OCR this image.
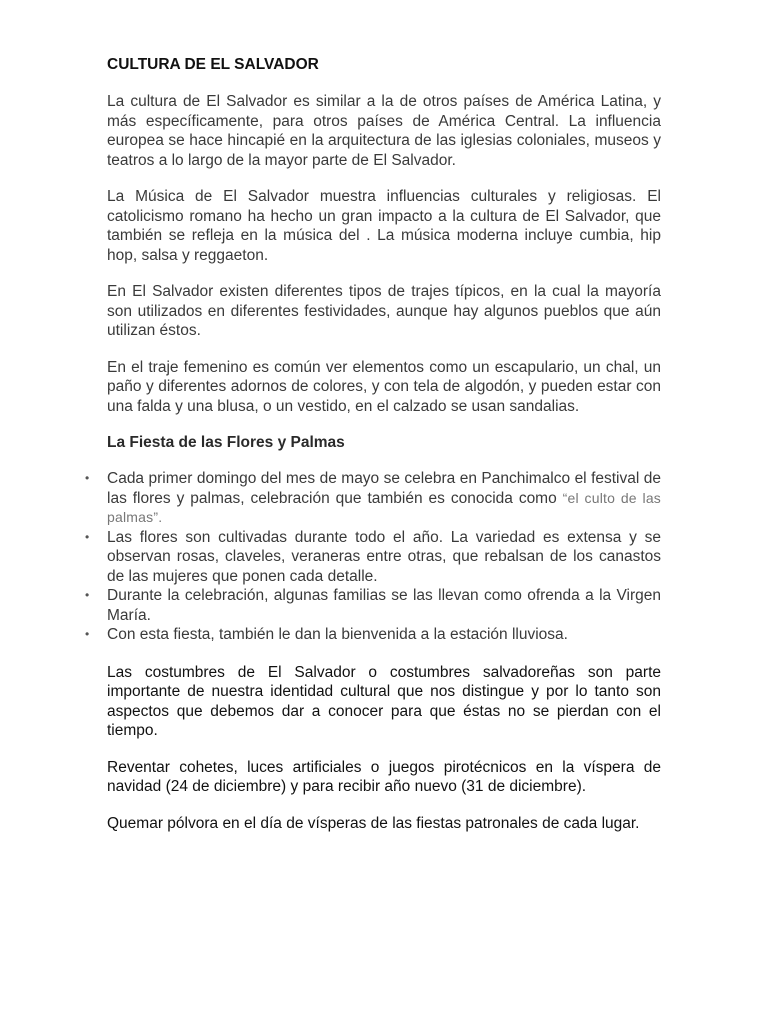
CULTURA DE EL SALVADOR

La cultura de El Salvador es similar a la de otros países de América Latina, y más específicamente, para otros países de América Central. La influencia europea se hace hincapié en la arquitectura de las iglesias coloniales, museos y teatros a lo largo de la mayor parte de El Salvador.

La Música de El Salvador muestra influencias culturales y religiosas. El catolicismo romano ha hecho un gran impacto a la cultura de El Salvador, que también se refleja en la música del . La música moderna incluye cumbia, hip hop, salsa y reggaeton.

En El Salvador existen diferentes tipos de trajes típicos, en la cual la mayoría son utilizados en diferentes festividades, aunque hay algunos pueblos que aún utilizan éstos.

En el traje femenino es común ver elementos como un escapulario, un chal, un paño y diferentes adornos de colores, y con tela de algodón, y pueden estar con una falda y una blusa, o un vestido, en el calzado se usan sandalias.

La Fiesta de las Flores y Palmas
• Cada primer domingo del mes de mayo se celebra en Panchimalco el festival de las flores y palmas, celebración que también es conocida como “el culto de las palmas”.
• Las flores son cultivadas durante todo el año. La variedad es extensa y se observan rosas, claveles, veraneras entre otras, que rebalsan de los canastos de las mujeres que ponen cada detalle.
• Durante la celebración, algunas familias se las llevan como ofrenda a la Virgen María.
• Con esta fiesta, también le dan la bienvenida a la estación lluviosa.

Las costumbres de El Salvador o costumbres salvadoreñas son parte importante de nuestra identidad cultural que nos distingue y por lo tanto son aspectos que debemos dar a conocer para que éstas no se pierdan con el tiempo.

Reventar cohetes, luces artificiales o juegos pirotécnicos en la víspera de navidad (24 de diciembre) y para recibir año nuevo (31 de diciembre).

Quemar pólvora en el día de vísperas de las fiestas patronales de cada lugar.
